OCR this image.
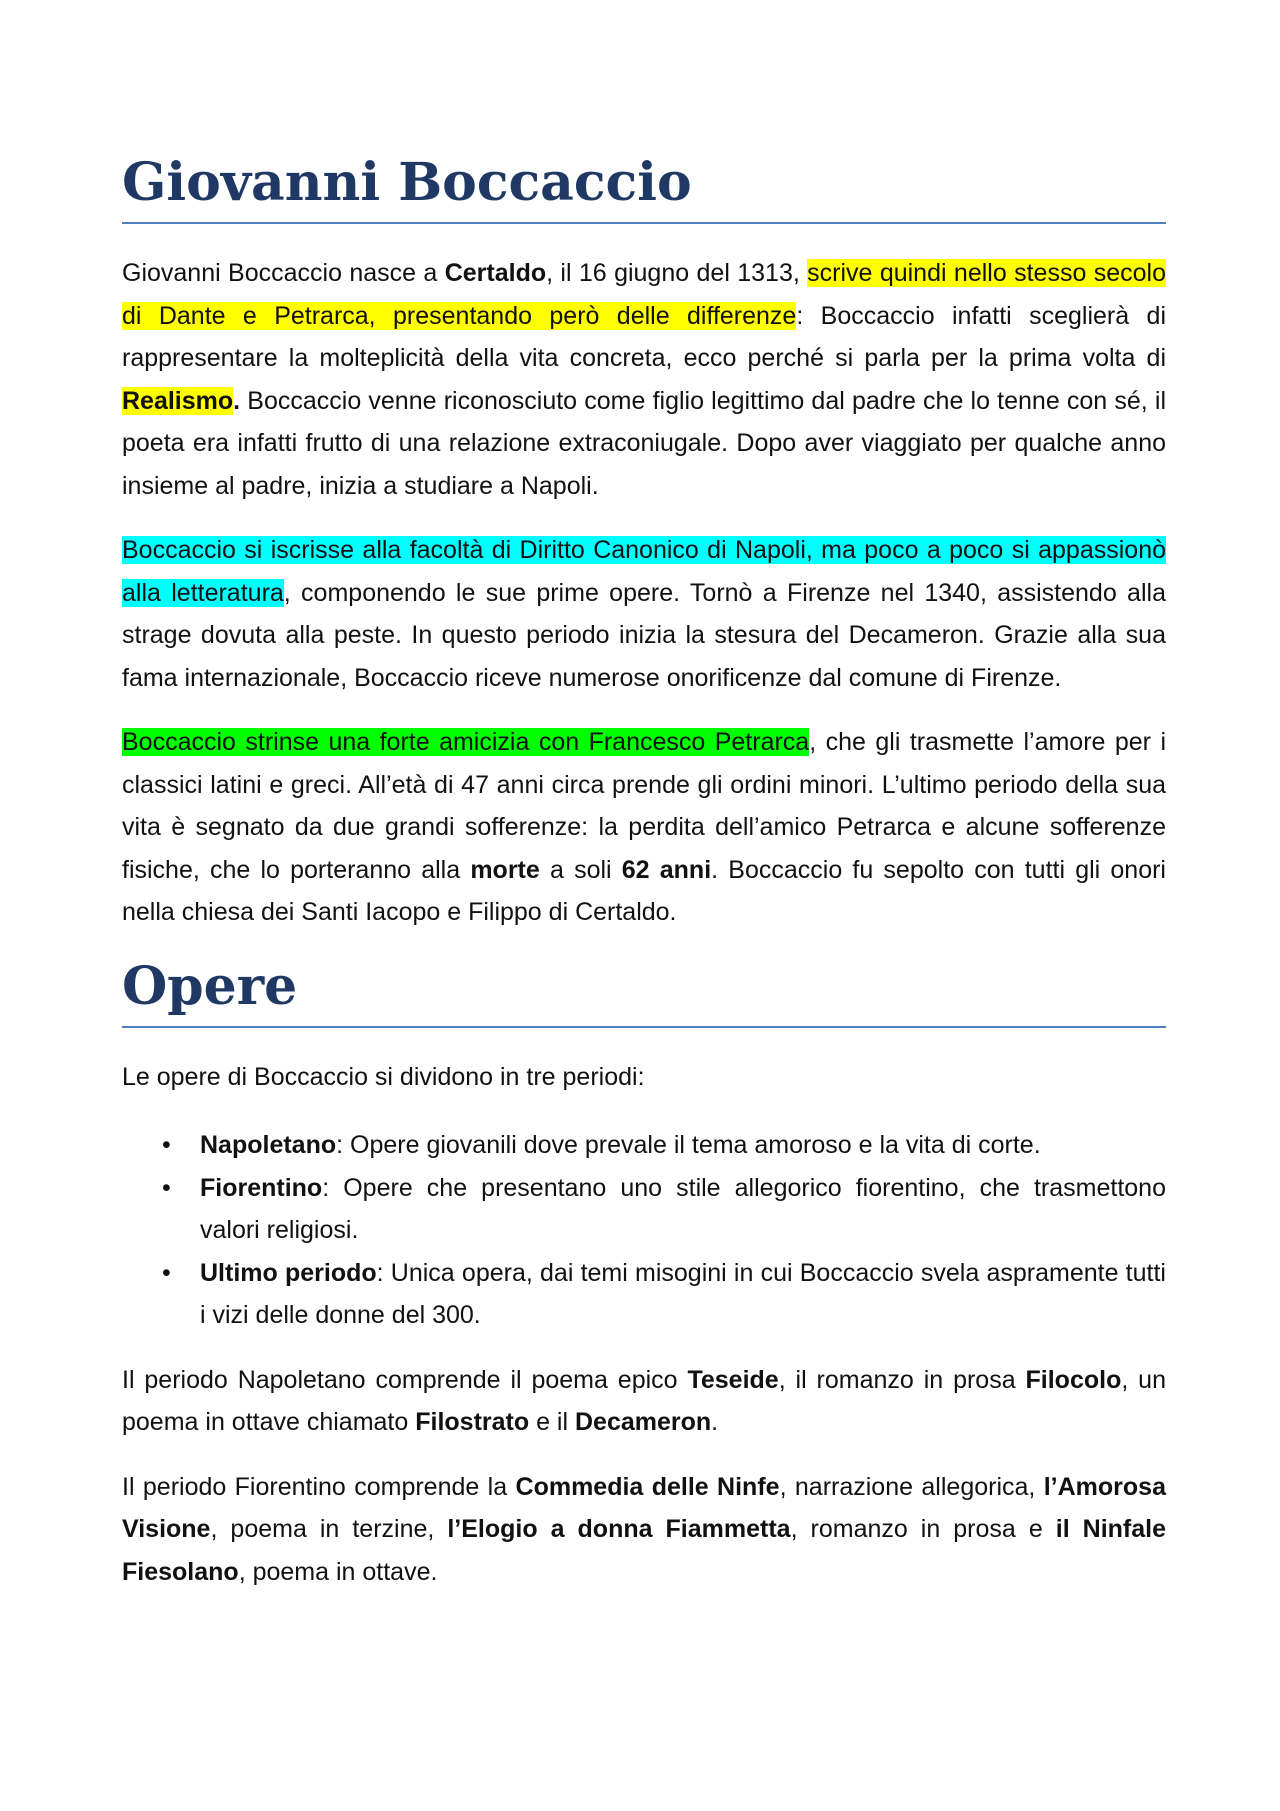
Giovanni Boccaccio

Giovanni Boccaccio nasce a Certaldo, il 16 giugno del 1313, scrive quindi nello stesso secolo di Dante e Petrarca, presentando però delle differenze: Boccaccio infatti sceglierà di rappresentare la molteplicità della vita concreta, ecco perché si parla per la prima volta di Realismo. Boccaccio venne riconosciuto come figlio legittimo dal padre che lo tenne con sé, il poeta era infatti frutto di una relazione extraconiugale. Dopo aver viaggiato per qualche anno insieme al padre, inizia a studiare a Napoli.

Boccaccio si iscrisse alla facoltà di Diritto Canonico di Napoli, ma poco a poco si appassionò alla letteratura, componendo le sue prime opere. Tornò a Firenze nel 1340, assistendo alla strage dovuta alla peste. In questo periodo inizia la stesura del Decameron. Grazie alla sua fama internazionale, Boccaccio riceve numerose onorificenze dal comune di Firenze.

Boccaccio strinse una forte amicizia con Francesco Petrarca, che gli trasmette l’amore per i classici latini e greci. All’età di 47 anni circa prende gli ordini minori. L’ultimo periodo della sua vita è segnato da due grandi sofferenze: la perdita dell’amico Petrarca e alcune sofferenze fisiche, che lo porteranno alla morte a soli 62 anni. Boccaccio fu sepolto con tutti gli onori nella chiesa dei Santi Iacopo e Filippo di Certaldo.

Opere

Le opere di Boccaccio si dividono in tre periodi:

• Napoletano: Opere giovanili dove prevale il tema amoroso e la vita di corte.
• Fiorentino: Opere che presentano uno stile allegorico fiorentino, che trasmettono valori religiosi.
• Ultimo periodo: Unica opera, dai temi misogini in cui Boccaccio svela aspramente tutti i vizi delle donne del 300.

Il periodo Napoletano comprende il poema epico Teseide, il romanzo in prosa Filocolo, un poema in ottave chiamato Filostrato e il Decameron.

Il periodo Fiorentino comprende la Commedia delle Ninfe, narrazione allegorica, l’Amorosa Visione, poema in terzine, l’Elogio a donna Fiammetta, romanzo in prosa e il Ninfale Fiesolano, poema in ottave.
